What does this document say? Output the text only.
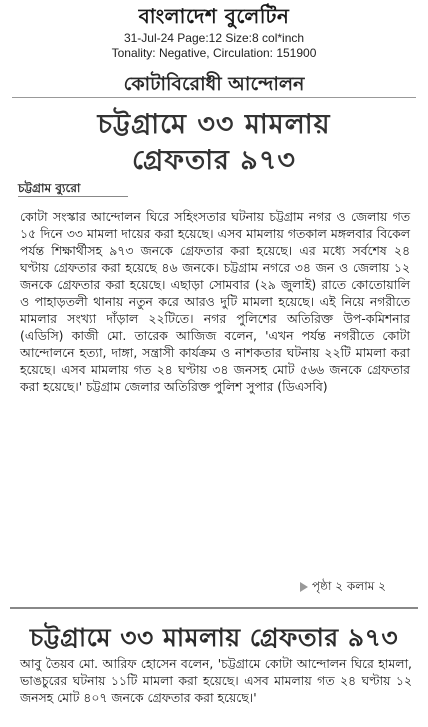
বাংলাদেশ বুলেটিন
31-Jul-24 Page:12 Size:8 col*inch
Tonality: Negative, Circulation: 151900
কোটাবিরোধী আন্দোলন
চট্টগ্রামে ৩৩ মামলায়
গ্রেফতার ৯৭৩
চট্টগ্রাম ব্যুরো

কোটা সংস্কার আন্দোলন ঘিরে সহিংসতার ঘটনায় চট্টগ্রাম নগর ও জেলায় গত ১৫ দিনে ৩৩ মামলা দায়ের করা হয়েছে। এসব মামলায় গতকাল মঙ্গলবার বিকেল পর্যন্ত শিক্ষার্থীসহ ৯৭৩ জনকে গ্রেফতার করা হয়েছে। এর মধ্যে সর্বশেষ ২৪ ঘণ্টায় গ্রেফতার করা হয়েছে ৪৬ জনকে। চট্টগ্রাম নগরে ৩৪ জন ও জেলায় ১২ জনকে গ্রেফতার করা হয়েছে। এছাড়া সোমবার (২৯ জুলাই) রাতে কোতোয়ালি ও পাহাড়তলী থানায় নতুন করে আরও দুটি মামলা হয়েছে। এই নিয়ে নগরীতে মামলার সংখ্যা দাঁড়াল ২২টিতে। নগর পুলিশের অতিরিক্ত উপ-কমিশনার (এডিসি) কাজী মো. তারেক আজিজ বলেন, 'এখন পর্যন্ত নগরীতে কোটা আন্দোলনে হত্যা, দাঙ্গা, সন্ত্রাসী কার্যক্রম ও নাশকতার ঘটনায় ২২টি মামলা করা হয়েছে। এসব মামলায় গত ২৪ ঘণ্টায় ৩৪ জনসহ মোট ৫৬৬ জনকে গ্রেফতার করা হয়েছে।' চট্টগ্রাম জেলার অতিরিক্ত পুলিশ সুপার (ডিএসবি)

পৃষ্ঠা ২ কলাম ২
চট্টগ্রামে ৩৩ মামলায় গ্রেফতার ৯৭৩
আবু তৈয়ব মো. আরিফ হোসেন বলেন, 'চট্টগ্রামে কোটা আন্দোলন ঘিরে হামলা, ভাঙচুরের ঘটনায় ১১টি মামলা করা হয়েছে। এসব মামলায় গত ২৪ ঘণ্টায় ১২ জনসহ মোট ৪০৭ জনকে গ্রেফতার করা হয়েছে।'
